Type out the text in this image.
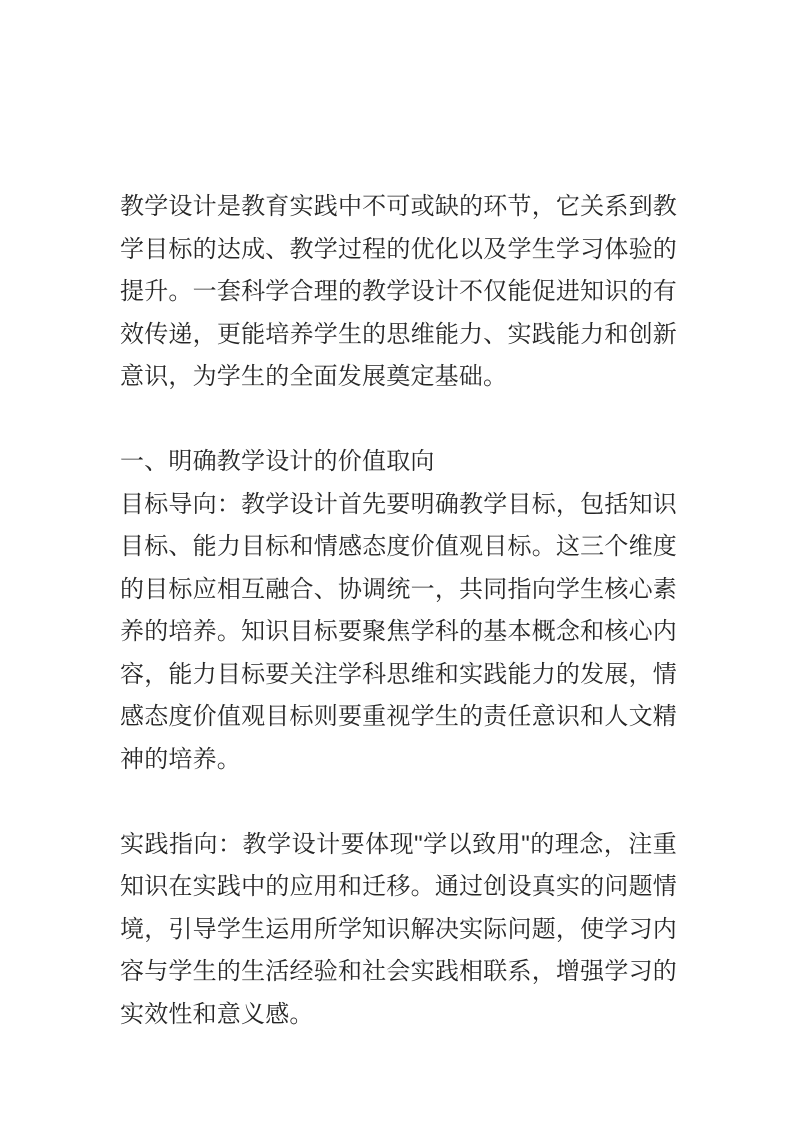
教学设计是教育实践中不可或缺的环节，它关系到教学目标的达成、教学过程的优化以及学生学习体验的提升。一套科学合理的教学设计不仅能促进知识的有效传递，更能培养学生的思维能力、实践能力和创新意识，为学生的全面发展奠定基础。

一、明确教学设计的价值取向

目标导向：教学设计首先要明确教学目标，包括知识目标、能力目标和情感态度价值观目标。这三个维度的目标应相互融合、协调统一，共同指向学生核心素养的培养。知识目标要聚焦学科的基本概念和核心内容，能力目标要关注学科思维和实践能力的发展，情感态度价值观目标则要重视学生的责任意识和人文精神的培养。

实践指向：教学设计要体现"学以致用"的理念，注重知识在实践中的应用和迁移。通过创设真实的问题情境，引导学生运用所学知识解决实际问题，使学习内容与学生的生活经验和社会实践相联系，增强学习的实效性和意义感。
